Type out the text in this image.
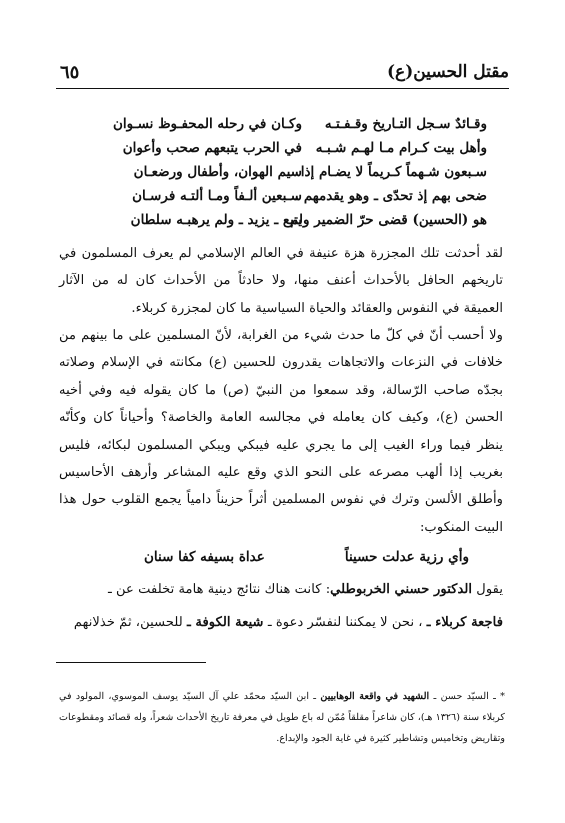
مقتل الحسين(ع)
٦٥
وقـائدٌ سـجل التـاريخ وقـفـتـه
وكـان في رحله المحفـوظ نسـوان
وأهل بيت كـرام مـا لهـم شـبـه
في الحرب يتبعهم صحب وأعوان
سـبعون شـهماً كـريماً لا يضـام إذا
سيم الهوان، وأطفال ورضعـان
ضحى بهم إذ تحدّى ـ وهو يقدمهم ـ
سـبعين ألـفاً ومـا ألتـه فرسـان
هو (الحسين) قضى حرّ الضمير ولم
يتبع ـ يزيد ـ ولم يرهبـه سلطان
لقد أحدثت تلك المجزرة هزة عنيفة في العالم الإسلامي لم يعرف المسلمون في تاريخهم الحافل بالأحداث أعنف منها، ولا حادثاً من الأحداث كان له من الآثار العميقة في النفوس والعقائد والحياة السياسية ما كان لمجزرة كربلاء.
ولا أحسب أنّ في كلّ ما حدث شيء من الغرابة، لأنّ المسلمين على ما بينهم من خلافات في النزعات والاتجاهات يقدرون للحسين (ع) مكانته في الإسلام وصلاته بجدّه صاحب الرّسالة، وقد سمعوا من النبيّ (ص) ما كان يقوله فيه وفي أخيه الحسن (ع)، وكيف كان يعامله في مجالسه العامة والخاصة؟ وأحياناً كان وكأنّه ينظر فيما وراء الغيب إلى ما يجري عليه فيبكي ويبكي المسلمون لبكائه، فليس بغريب إذا ألهب مصرعه على النحو الذي وقع عليه المشاعر وأرهف الأحاسيس وأطلق الألسن وترك في نفوس المسلمين أثراً حزيناً دامياً يجمع القلوب حول هذا البيت المنكوب:
وأي رزية عدلت حسيناً
عداة بسيفه كفا سنان
يقول الدكتور حسني الخربوطلي: كانت هناك نتائج دينية هامة تخلفت عن ـ
فاجعة كربلاء ـ ، نحن لا يمكننا لنفسّر دعوة ـ شيعة الكوفة ـ للحسين، ثمّ خذلانهم
* ـ السيّد حسن ـ الشهيد في واقعة الوهابيين ـ ابن السيّد محمّد علي آل السيّد يوسف الموسوي، المولود في كربلاء سنة (١٣٢٦ هـ)، كان شاعراً مقلقاً مُمّن له باع طويل في معرفة تاريخ الأحداث شعراً، وله قصائد ومقطوعات وتقاريض وتخاميس وتشاطير كثيرة في غاية الجود والإبداع.
